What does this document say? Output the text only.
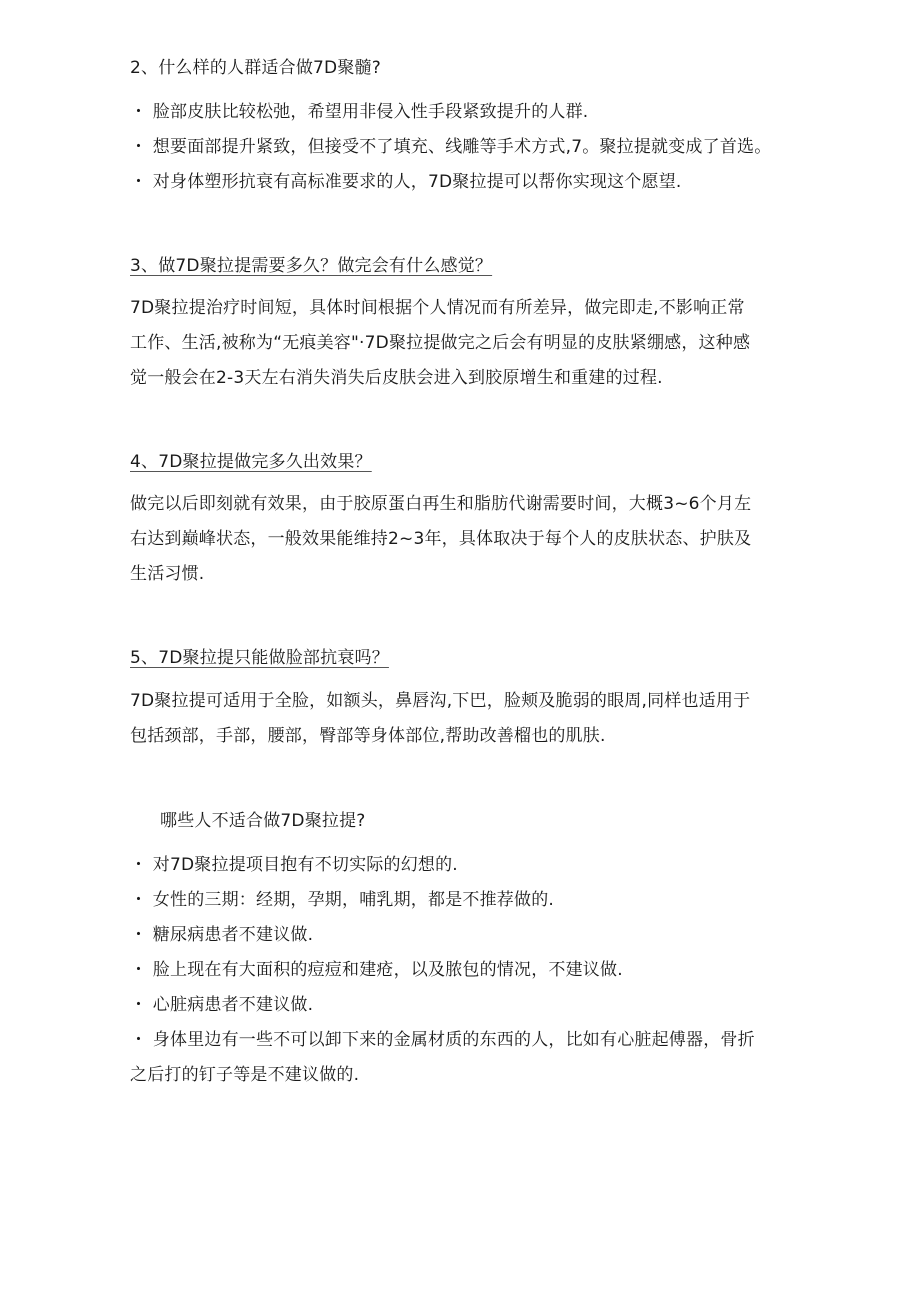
2、什么样的人群适合做7D聚髓?
・ 脸部皮肤比较松弛，希望用非侵入性手段紧致提升的人群.
・ 想要面部提升紧致，但接受不了填充、线雕等手术方式,7。聚拉提就变成了首选。
・ 对身体塑形抗衰有高标准要求的人，7D聚拉提可以帮你实现这个愿望.
3、做7D聚拉提需要多久？做完会有什么感觉？
7D聚拉提治疗时间短，具体时间根据个人情况而有所差异，做完即走,不影响正常
工作、生活,被称为“无痕美容"·7D聚拉提做完之后会有明显的皮肤紧绷感，这种感
觉一般会在2-3天左右消失消失后皮肤会进入到胶原增生和重建的过程.
4、7D聚拉提做完多久出效果？
做完以后即刻就有效果，由于胶原蛋白再生和脂肪代谢需要时间，大概3~6个月左
右达到巅峰状态，一般效果能维持2~3年，具体取决于每个人的皮肤状态、护肤及
生活习惯.
5、7D聚拉提只能做脸部抗衰吗？
7D聚拉提可适用于全脸，如额头，鼻唇沟,下巴，脸颊及脆弱的眼周,同样也适用于
包括颈部，手部，腰部，臀部等身体部位,帮助改善榴也的肌肤.
哪些人不适合做7D聚拉提?
・ 对7D聚拉提项目抱有不切实际的幻想的.
・ 女性的三期：经期，孕期，哺乳期，都是不推荐做的.
・ 糖尿病患者不建议做.
・ 脸上现在有大面积的痘痘和建疮，以及脓包的情况，不建议做.
・ 心脏病患者不建议做.
・ 身体里边有一些不可以卸下来的金属材质的东西的人，比如有心脏起傅器，骨折
之后打的钉子等是不建议做的.
